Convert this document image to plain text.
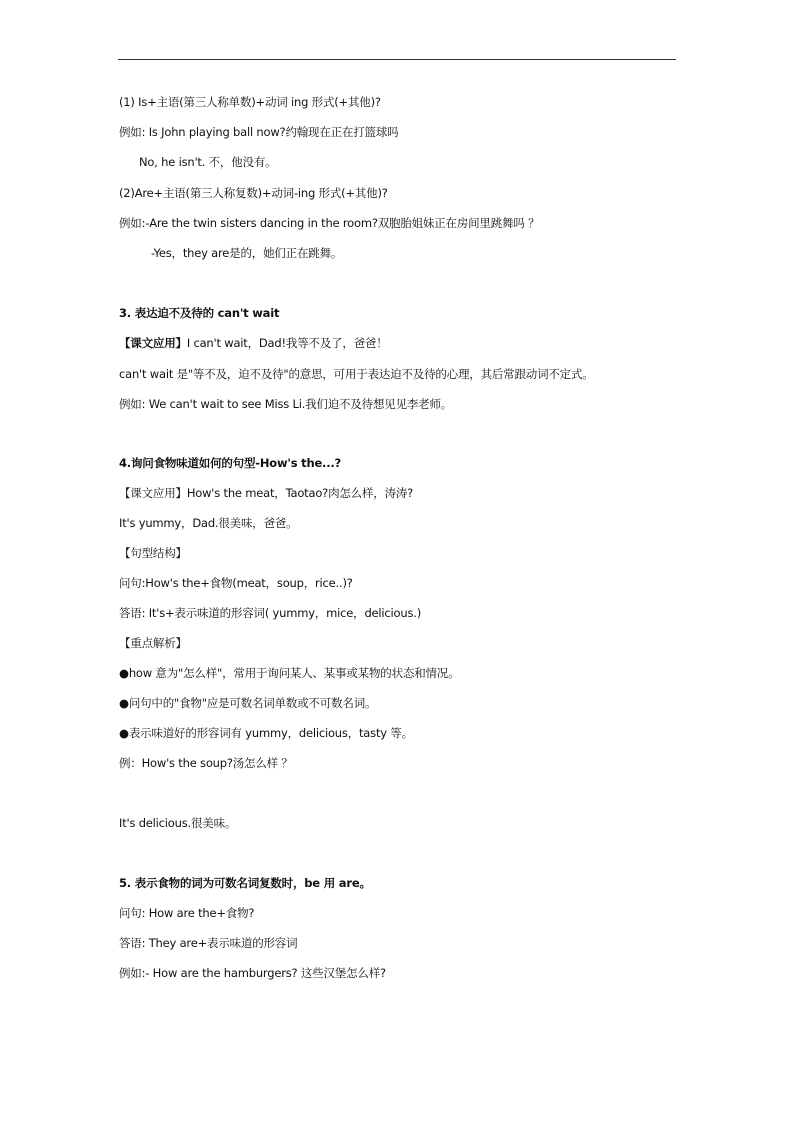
(1) Is+主语(第三人称单数)+动词 ing 形式(+其他)?
例如: Is John playing ball now?约翰现在正在打篮球吗
No, he isn't. 不，他没有。
(2)Are+主语(第三人称复数)+动词-ing 形式(+其他)?
例如:-Are the twin sisters dancing in the room?双胞胎姐妹正在房间里跳舞吗 ？
-Yes，they are是的，她们正在跳舞。
3. 表达迫不及待的 can't wait
【课文应用】I can't wait，Dad!我等不及了，爸爸！
can't wait 是"等不及，迫不及待"的意思，可用于表达迫不及待的心理，其后常跟动词不定式。
例如: We can't wait to see Miss Li.我们迫不及待想见见李老师。
4.询问食物味道如何的句型-How's the...?
【课文应用】How's the meat，Taotao?肉怎么样，涛涛?
It's yummy，Dad.很美味，爸爸。
【句型结构】
问句:How's the+食物(meat，soup，rice..)?
答语: It's+表示味道的形容词( yummy，mice，delicious.)
【重点解析】
●how 意为"怎么样"，常用于询问某人、某事或某物的状态和情况。
●问句中的"食物"应是可数名词单数或不可数名词。
●表示味道好的形容词有 yummy，delicious，tasty 等。
例：How's the soup?汤怎么样 ？
It's delicious.很美味。
5. 表示食物的词为可数名词复数时，be 用 are。
问句: How are the+食物?
答语: They are+表示味道的形容词
例如:- How are the hamburgers? 这些汉堡怎么样?
